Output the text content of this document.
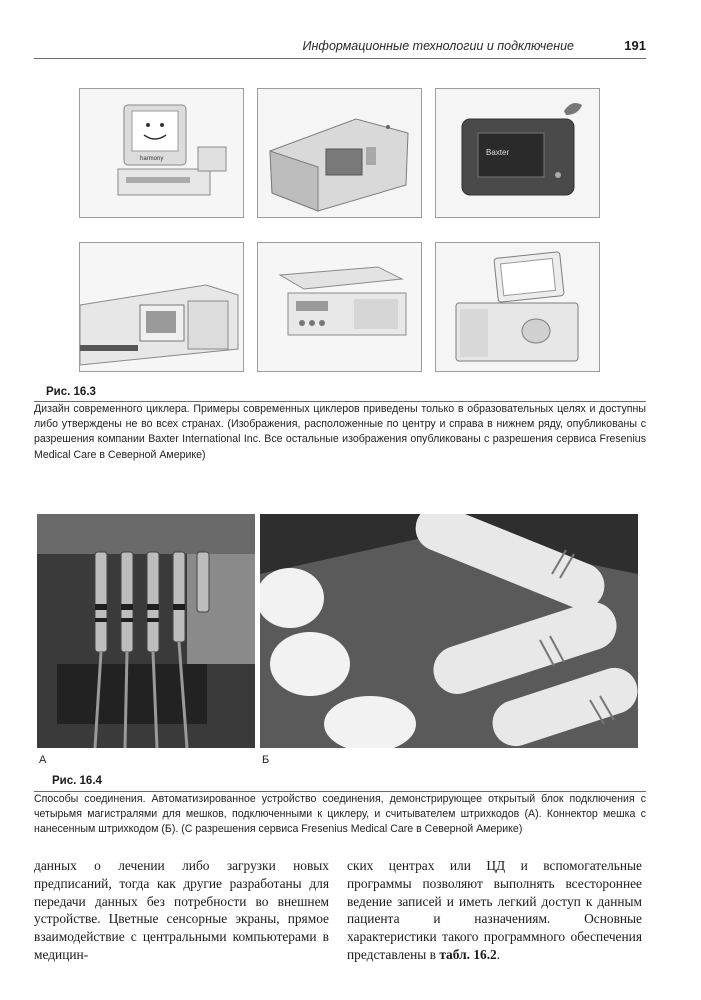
Информационные технологии и подключение	191
harmony
Baxter
Рис. 16.3

Дизайн современного циклера. Примеры современных циклеров приведены только в образовательных целях и доступны либо утверждены не во всех странах. (Изображения, расположенные по центру и справа в нижнем ряду, опубликованы с разрешения компании Baxter International Inc. Все остальные изображения опубликованы с разрешения сервиса Fresenius Medical Care в Северной Америке)

А	Б
Рис. 16.4

Способы соединения. Автоматизированное устройство соединения, демонстрирующее открытый блок подключения с четырьмя магистралями для мешков, подключенными к циклеру, и считывателем штрихкодов (А). Коннектор мешка с нанесенным штрихкодом (Б). (С разрешения сервиса Fresenius Medical Care в Северной Америке)

данных о лечении либо загрузки новых предписаний, тогда как другие разработаны для передачи данных без потребности во внешнем устройстве. Цветные сенсорные экраны, прямое взаимодействие с центральными компьютерами в медицин-

ских центрах или ЦД и вспомогательные программы позволяют выполнять всестороннее ведение записей и иметь легкий доступ к данным пациента и назначениям. Основные характеристики такого программного обеспечения представлены в табл. 16.2.
